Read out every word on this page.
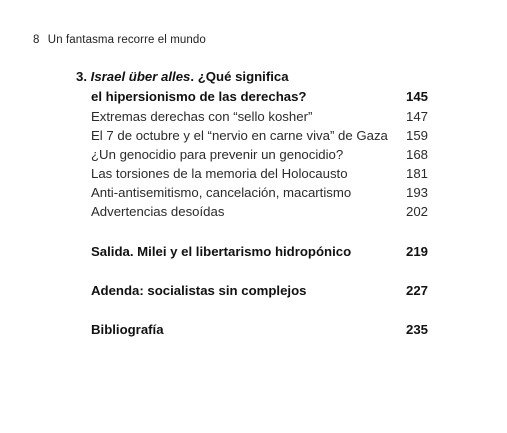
8 Un fantasma recorre el mundo
3. Israel über alles. ¿Qué significa
el hipersionismo de las derechas?	145
Extremas derechas con “sello kosher”	147
El 7 de octubre y el “nervio en carne viva” de Gaza 159
¿Un genocidio para prevenir un genocidio?	168
Las torsiones de la memoria del Holocausto	181
Anti-antisemitismo, cancelación, macartismo	193
Advertencias desoídas	202
Salida. Milei y el libertarismo hidropónico	219
Adenda: socialistas sin complejos	227
Bibliografía	235
